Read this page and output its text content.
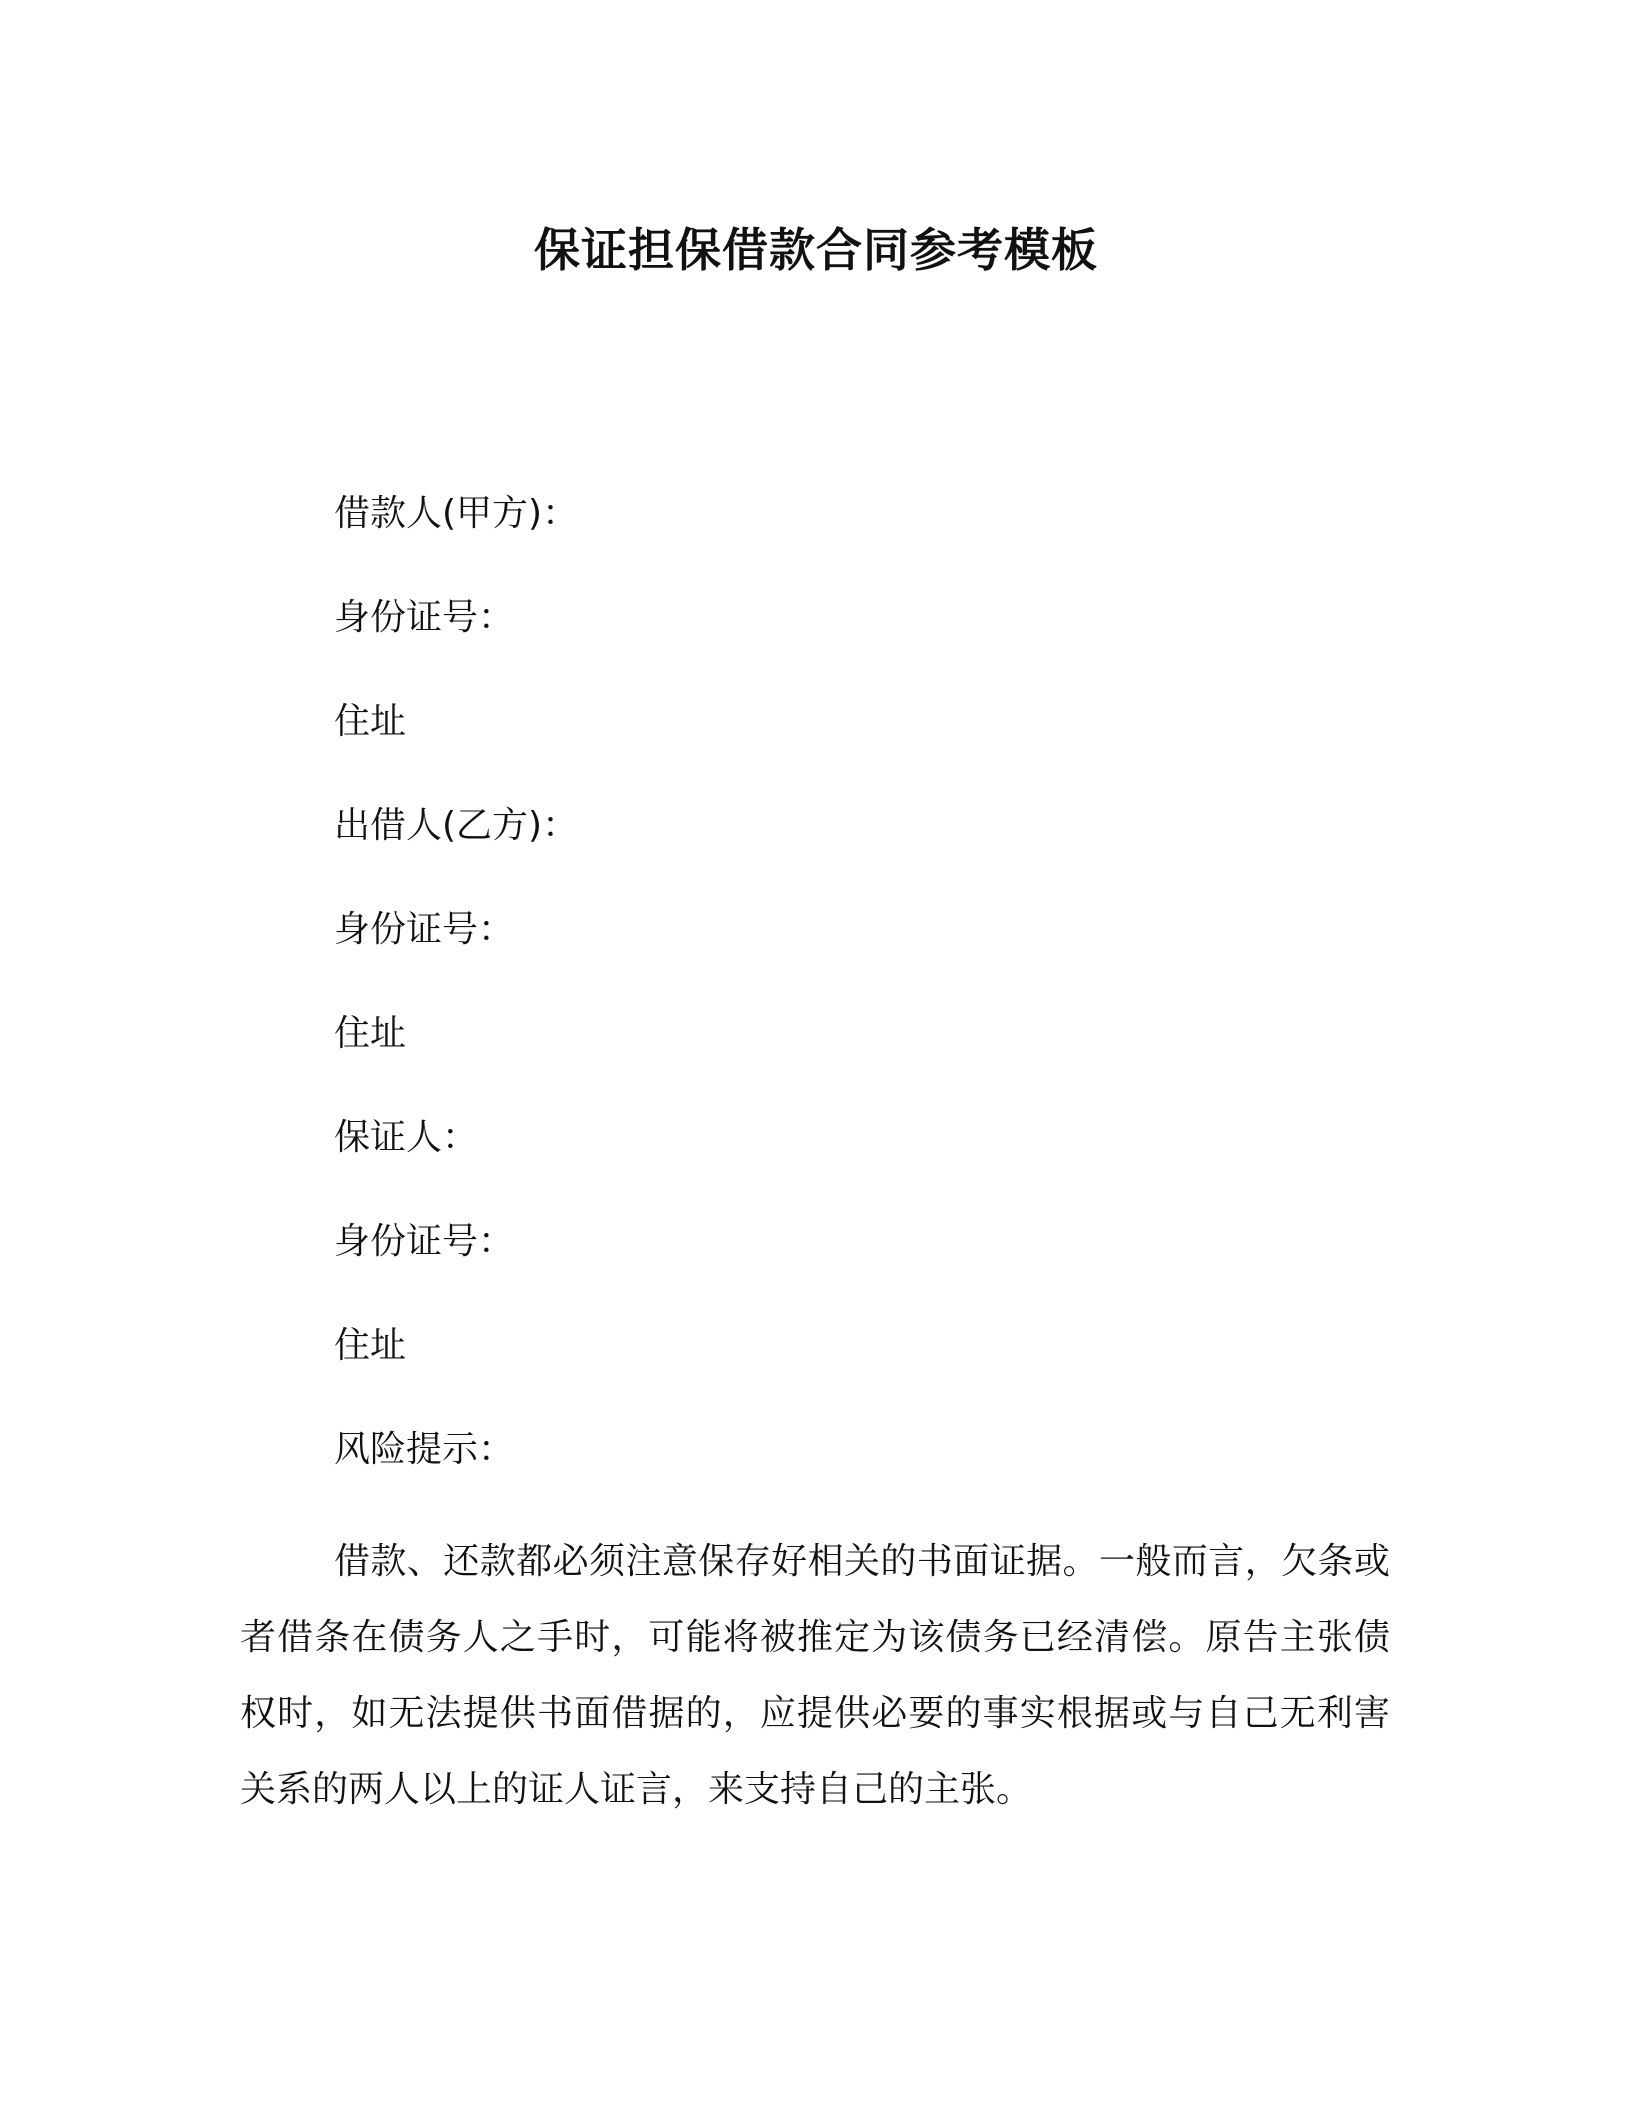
保证担保借款合同参考模板
借款人(甲方)：
身份证号：
住址
出借人(乙方)：
身份证号：
住址
保证人：
身份证号：
住址
风险提示：

借款、还款都必须注意保存好相关的书面证据。一般而言，欠条或者借条在债务人之手时，可能将被推定为该债务已经清偿。原告主张债权时，如无法提供书面借据的，应提供必要的事实根据或与自己无利害关系的两人以上的证人证言，来支持自己的主张。
